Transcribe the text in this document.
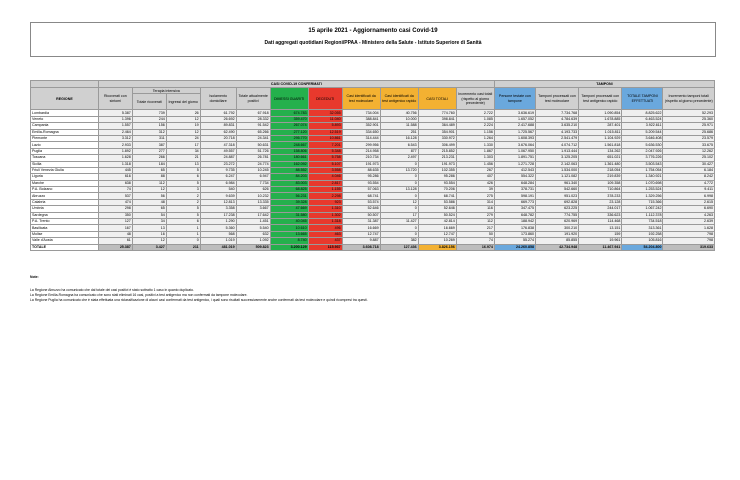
15 aprile 2021 - Aggiornamento casi Covid-19
Dati aggregati quotidiani Regioni/PPAA - Ministero della Salute - Istituto Superiore di Sanità
	CASI COVID-19 CONFERMATI											TAMPONI				
REGIONE	Ricoverati con sintomi	Terapia intensiva		Isolamento domiciliare	Totale attualmente positivi	DIMESSI GUARITI	DECEDUTI	Casi identificati da test molecolare	Casi identificati da test antigenico rapido	CASI TOTALI	Incremento casi totali (rispetto al giorno precedente)	Persone testate con tampone	Tamponi processati con test molecolare	Tamponi processati con test antigenico rapido	TOTALE TAMPONI EFFETTUATI	Incremento tamponi totali (rispetto al giorno precedente)
		Totale ricoverati	Ingressi del giorno													
Lombardia	5.387	739	26	61.792	67.918	674.783	32.055	734.004	40.756	774.760	2.722	3.636.619	7.734.768	1.090.854	8.825.622	52.293
Veneto	1.396	244	12	26.692	28.332	359.470	11.040	388.841	10.000	398.841	1.085	1.657.052	4.784.639	1.678.885	6.463.524	25.360
Campania	1.557	156	19	89.831	91.542	267.074	5.893	352.901	11.588	364.489	2.224	2.417.688	3.635.210	287.401	3.922.611	25.971
Emilia-Romagna	2.464	312	12	62.490	65.266	277.120	12.519	334.650	251	354.901	1.156	1.725.567	4.193.733	1.015.811	5.209.544	25.686
Piemonte	3.312	311	24	20.718	24.341	295.770	10.861	314.444	16.128	330.972	1.264	1.608.393	2.541.479	1.104.929	3.646.408	23.579
Lazio	2.933	387	17	47.318	50.631	248.667	7.201	299.956	6.543	306.499	1.330	3.676.064	4.074.712	1.561.818	5.636.530	33.675
Puglia	1.892	277	34	49.557	51.726	158.806	5.348	214.958	877	215.852	1.867	1.067.950	1.913.444	134.262	2.047.926	12.262
Toscana	1.628	266	21	24.887	26.781	180.661	5.758	210.734	2.497	213.231	1.303	1.891.751	3.125.205	651.021	3.776.226	25.102
Sicilia	1.318	184	13	23.272	24.774	162.092	5.107	191.973	0	191.973	1.456	1.271.728	2.142.063	1.361.480	3.503.543	30.427
Friuli Venezia Giulia	445	65	5	9.735	10.245	88.552	3.558	88.635	13.720	102.355	267	412.543	1.534.000	218.054	1.754.054	6.184
Liguria	616	88	6	6.247	6.947	84.203	4.046	95.286	0	95.286	407	554.322	1.121.082	219.839	1.340.921	8.242
Marche	638	112	5	6.984	7.734	83.003	2.817	93.554	0	93.554	426	648.284	961.340	109.358	1.070.698	4.772
P.A. Bolzano	74	12	3	540	626	68.825	1.155	57.063	13.128	70.206	39	378.731	542.660	710.864	1.253.524	9.411
Abruzzo	537	56	2	9.639	10.232	56.231	2.298	68.741	0	68.741	275	598.191	951.023	378.233	1.329.256	6.998
Calabria	474	48	2	12.813	13.335	39.328	923	53.574	12	53.586	314	669.773	692.828	23.128	715.366	2.615
Umbria	298	65	5	3.358	3.667	47.669	1.310	52.646	0	52.646	116	347.475	623.225	244.017	1.067.242	6.690
Sardegna	350	54	5	17.238	17.642	31.580	1.302	50.507	17	50.524	279	648.782	774.755	336.623	1.112.378	4.263
P.A. Trento	127	34	6	1.290	1.451	40.045	1.318	31.387	11.427	42.814	112	188.942	620.969	114.468	734.518	2.639
Basilicata	167	13	1	5.360	5.540	10.610	496	16.669	0	16.669	217	176.838	300.210	13.151	313.361	1.628
Molise	48	16	1	568	632	13.665	463	12.747	0	12.747	50	173.860	191.920	159	192.258	798
Valle d'Aosta	61	12	0	1.019	1.092	8.740	437	9.887	382	10.269	74	55.274	85.855	19.961	105.816	798
TOTALE	25.387	3.427	211	481.019	509.823	3.200.129	115.937	3.608.718	127.436	3.826.156	16.974	24.260.858	42.734.948	11.467.941	54.204.800	319.633
Note:
La Regione Abruzzo ha comunicato che dal totale dei casi positivi è stato sottratto 1 caso in quanto duplicato.
La Regione Emilia-Romagna ha comunicato che sono stati eliminati 16 casi, positivi a test antigenico ma non confermati da tampone molecolare.
La Regione Puglia ha comunicato che è stata effettuata una riclassificazione di alcuni casi confermati da test antigenico, i quali sono risultati successivamente anche confermati da test molecolare e quindi ricompresi tra questi.
